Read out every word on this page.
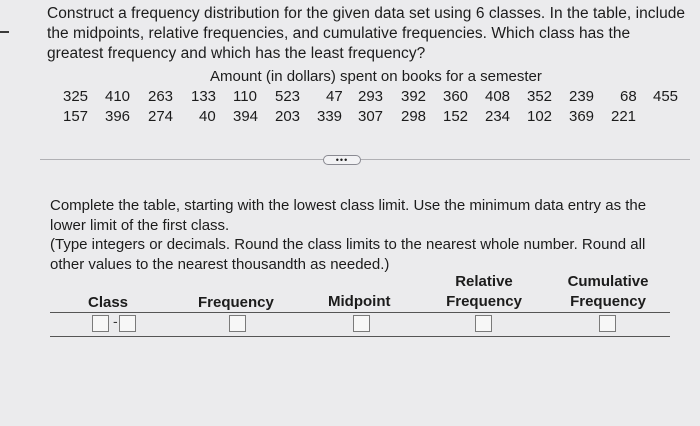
Construct a frequency distribution for the given data set using 6 classes. In the table, include the midpoints, relative frequencies, and cumulative frequencies. Which class has the greatest frequency and which has the least frequency?
Amount (in dollars) spent on books for a semester
325 410 263 133 110 523 47 293 392 360 408 352 239 68 455
157 396 274 40 394 203 339 307 298 152 234 102 369 221
•••
Complete the table, starting with the lowest class limit. Use the minimum data entry as the lower limit of the first class.
(Type integers or decimals. Round the class limits to the nearest whole number. Round all other values to the nearest thousandth as needed.)
Class	Frequency	Midpoint
Relative
Frequency
Cumulative
Frequency
-
